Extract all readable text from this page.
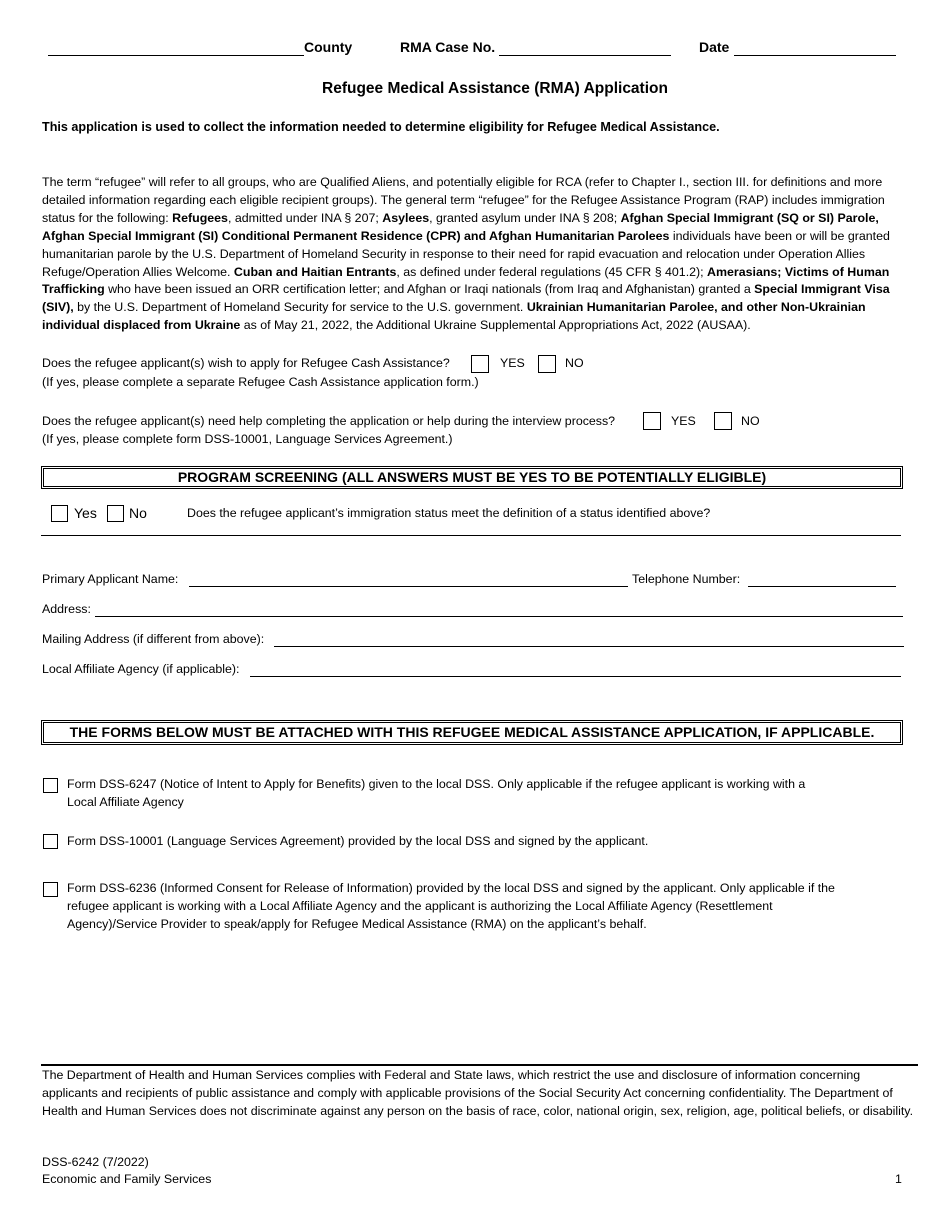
County	RMA Case No.	Date
Refugee Medical Assistance (RMA) Application
This application is used to collect the information needed to determine eligibility for Refugee Medical Assistance.
The term “refugee” will refer to all groups, who are Qualified Aliens, and potentially eligible for RCA (refer to Chapter I., section III. for definitions and more detailed information regarding each eligible recipient groups). The general term “refugee” for the Refugee Assistance Program (RAP) includes immigration status for the following: Refugees, admitted under INA § 207; Asylees, granted asylum under INA § 208; Afghan Special Immigrant (SQ or SI) Parole, Afghan Special Immigrant (SI) Conditional Permanent Residence (CPR) and Afghan Humanitarian Parolees individuals have been or will be granted humanitarian parole by the U.S. Department of Homeland Security in response to their need for rapid evacuation and relocation under Operation Allies Refuge/Operation Allies Welcome. Cuban and Haitian Entrants, as defined under federal regulations (45 CFR § 401.2); Amerasians; Victims of Human Trafficking who have been issued an ORR certification letter; and Afghan or Iraqi nationals (from Iraq and Afghanistan) granted a Special Immigrant Visa (SIV), by the U.S. Department of Homeland Security for service to the U.S. government. Ukrainian Humanitarian Parolee, and other Non-Ukrainian individual displaced from Ukraine as of May 21, 2022, the Additional Ukraine Supplemental Appropriations Act, 2022 (AUSAA).
Does the refugee applicant(s) wish to apply for Refugee Cash Assistance?	YES	NO
(If yes, please complete a separate Refugee Cash Assistance application form.)
Does the refugee applicant(s) need help completing the application or help during the interview process?	YES	NO
(If yes, please complete form DSS-10001, Language Services Agreement.)
PROGRAM SCREENING (ALL ANSWERS MUST BE YES TO BE POTENTIALLY ELIGIBLE)
Yes No	Does the refugee applicant’s immigration status meet the definition of a status identified above?
Primary Applicant Name:	Telephone Number:
Address:
Mailing Address (if different from above):
Local Affiliate Agency (if applicable):
THE FORMS BELOW MUST BE ATTACHED WITH THIS REFUGEE MEDICAL ASSISTANCE APPLICATION, IF APPLICABLE.
Form DSS-6247 (Notice of Intent to Apply for Benefits) given to the local DSS. Only applicable if the refugee applicant is working with a
Local Affiliate Agency
Form DSS-10001 (Language Services Agreement) provided by the local DSS and signed by the applicant.
Form DSS-6236 (Informed Consent for Release of Information) provided by the local DSS and signed by the applicant. Only applicable if the
refugee applicant is working with a Local Affiliate Agency and the applicant is authorizing the Local Affiliate Agency (Resettlement
Agency)/Service Provider to speak/apply for Refugee Medical Assistance (RMA) on the applicant’s behalf.
The Department of Health and Human Services complies with Federal and State laws, which restrict the use and disclosure of information concerning applicants and recipients of public assistance and comply with applicable provisions of the Social Security Act concerning confidentiality. The Department of Health and Human Services does not discriminate against any person on the basis of race, color, national origin, sex, religion, age, political beliefs, or disability.
DSS-6242 (7/2022)
Economic and Family Services	1
